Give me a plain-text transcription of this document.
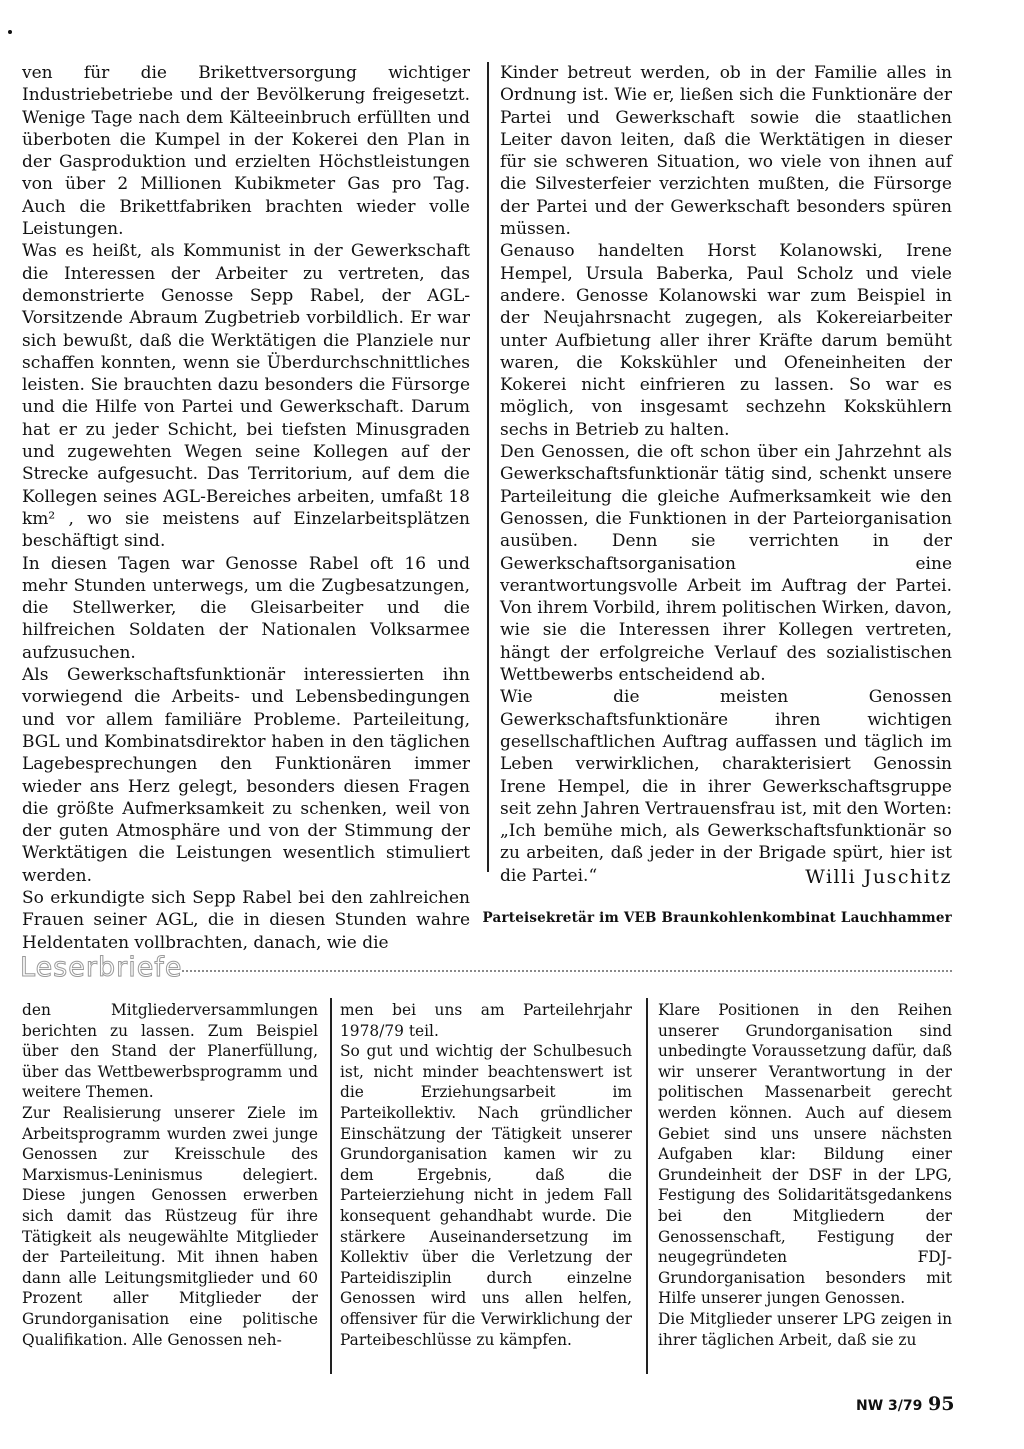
ven für die Brikettversorgung wichtiger Industriebetriebe und der Bevölkerung freigesetzt. Wenige Tage nach dem Kälteeinbruch erfüllten und überboten die Kumpel in der Kokerei den Plan in der Gasproduktion und erzielten Höchstleistungen von über 2 Millionen Kubikmeter Gas pro Tag. Auch die Brikettfabriken brachten wieder volle Leistungen.

Was es heißt, als Kommunist in der Gewerkschaft die Interessen der Arbeiter zu vertreten, das demonstrierte Genosse Sepp Rabel, der AGL-Vorsitzende Abraum Zugbetrieb vorbildlich. Er war sich bewußt, daß die Werktätigen die Planziele nur schaffen konnten, wenn sie Überdurchschnittliches leisten. Sie brauchten dazu besonders die Fürsorge und die Hilfe von Partei und Gewerkschaft. Darum hat er zu jeder Schicht, bei tiefsten Minusgraden und zugewehten Wegen seine Kollegen auf der Strecke aufgesucht. Das Territorium, auf dem die Kollegen seines AGL-Bereiches arbeiten, umfaßt 18 km² , wo sie meistens auf Einzelarbeitsplätzen beschäftigt sind.

In diesen Tagen war Genosse Rabel oft 16 und mehr Stunden unterwegs, um die Zugbesatzungen, die Stellwerker, die Gleisarbeiter und die hilfreichen Soldaten der Nationalen Volksarmee aufzusuchen.

Als Gewerkschaftsfunktionär interessierten ihn vorwiegend die Arbeits- und Lebensbedingungen und vor allem familiäre Probleme. Parteileitung, BGL und Kombinatsdirektor haben in den täglichen Lagebesprechungen den Funktionären immer wieder ans Herz gelegt, besonders diesen Fragen die größte Aufmerksamkeit zu schenken, weil von der guten Atmosphäre und von der Stimmung der Werktätigen die Leistungen wesentlich stimuliert werden.

So erkundigte sich Sepp Rabel bei den zahlreichen Frauen seiner AGL, die in diesen Stunden wahre Heldentaten vollbrachten, danach, wie die

Kinder betreut werden, ob in der Familie alles in Ordnung ist. Wie er, ließen sich die Funktionäre der Partei und Gewerkschaft sowie die staatlichen Leiter davon leiten, daß die Werktätigen in dieser für sie schweren Situation, wo viele von ihnen auf die Silvesterfeier verzichten mußten, die Fürsorge der Partei und der Gewerkschaft besonders spüren müssen.

Genauso handelten Horst Kolanowski, Irene Hempel, Ursula Baberka, Paul Scholz und viele andere. Genosse Kolanowski war zum Beispiel in der Neujahrsnacht zugegen, als Kokereiarbeiter unter Aufbietung aller ihrer Kräfte darum bemüht waren, die Kokskühler und Ofeneinheiten der Kokerei nicht einfrieren zu lassen. So war es möglich, von insgesamt sechzehn Kokskühlern sechs in Betrieb zu halten.

Den Genossen, die oft schon über ein Jahrzehnt als Gewerkschaftsfunktionär tätig sind, schenkt unsere Parteileitung die gleiche Aufmerksamkeit wie den Genossen, die Funktionen in der Parteiorganisation ausüben. Denn sie verrichten in der Gewerkschaftsorganisation eine verantwortungsvolle Arbeit im Auftrag der Partei. Von ihrem Vorbild, ihrem politischen Wirken, davon, wie sie die Interessen ihrer Kollegen vertreten, hängt der erfolgreiche Verlauf des sozialistischen Wettbewerbs entscheidend ab.

Wie die meisten Genossen Gewerkschaftsfunktionäre ihren wichtigen gesellschaftlichen Auftrag auffassen und täglich im Leben verwirklichen, charakterisiert Genossin Irene Hempel, die in ihrer Gewerkschaftsgruppe seit zehn Jahren Vertrauensfrau ist, mit den Worten: „Ich bemühe mich, als Gewerkschaftsfunktionär so zu arbeiten, daß jeder in der Brigade spürt, hier ist die Partei.“	Willi Juschitz
Parteisekretär im VEB Braunkohlenkombinat Lauchhammer
Leserbriefe

den Mitgliederversammlungen berichten zu lassen. Zum Beispiel über den Stand der Planerfüllung, über das Wettbewerbsprogramm und weitere Themen.

Zur Realisierung unserer Ziele im Arbeitsprogramm wurden zwei junge Genossen zur Kreisschule des Marxismus-Leninismus delegiert. Diese jungen Genossen erwerben sich damit das Rüstzeug für ihre Tätigkeit als neugewählte Mitglieder der Parteileitung. Mit ihnen haben dann alle Leitungsmitglieder und 60 Prozent aller Mitglieder der Grundorganisation eine politische Qualifikation. Alle Genossen neh-

men bei uns am Parteilehrjahr 1978/79 teil.

So gut und wichtig der Schulbesuch ist, nicht minder beachtenswert ist die Erziehungsarbeit im Parteikollektiv. Nach gründlicher Einschätzung der Tätigkeit unserer Grundorganisation kamen wir zu dem Ergebnis, daß die Parteierziehung nicht in jedem Fall konsequent gehandhabt wurde. Die stärkere Auseinandersetzung im Kollektiv über die Verletzung der Parteidisziplin durch einzelne Genossen wird uns allen helfen, offensiver für die Verwirklichung der Parteibeschlüsse zu kämpfen.

Klare Positionen in den Reihen unserer Grundorganisation sind unbedingte Voraussetzung dafür, daß wir unserer Verantwortung in der politischen Massenarbeit gerecht werden können. Auch auf diesem Gebiet sind uns unsere nächsten Aufgaben klar: Bildung einer Grundeinheit der DSF in der LPG, Festigung des Solidaritätsgedankens bei den Mitgliedern der Genossenschaft, Festigung der neugegründeten FDJ-Grundorganisation besonders mit Hilfe unserer jungen Genossen.

Die Mitglieder unserer LPG zeigen in ihrer täglichen Arbeit, daß sie zu

NW 3/79 95
